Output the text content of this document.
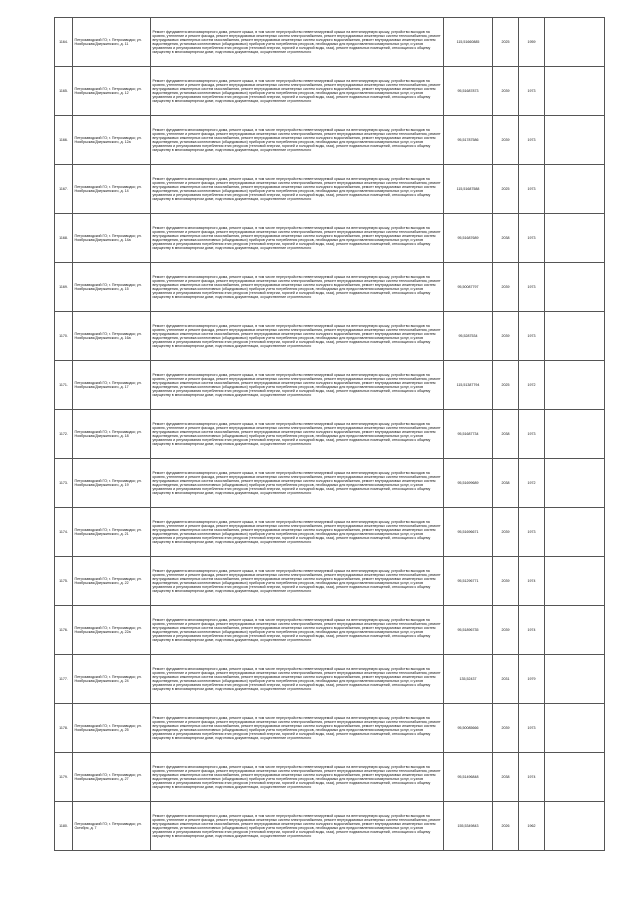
1164.	Петрозаводский ГО; г. Петрозаводск; ул. Ноябрьская/Дзержинского, д. 11	Ремонт фундамента многоквартирного дома, ремонт крыши, в том числе переустройство невентилируемой крыши на вентилируемую крышу, устройство выходов на кровлю, утепление и ремонт фасада, ремонт внутридомовых инженерных систем электроснабжения, ремонт внутридомовых инженерных систем теплоснабжения, ремонт внутридомовых инженерных систем газоснабжения, ремонт внутридомовых инженерных систем холодного водоснабжения, ремонт внутридомовых инженерных систем водоотведения, установка коллективных (общедомовых) приборов учета потребления ресурсов, необходимых для предоставления коммунальных услуг, и узлов управления и регулирования потребления этих ресурсов (тепловой энергии, горячей и холодной воды, газа), ремонт подвальных помещений, относящихся к общему имуществу в многоквартирном доме, подготовка документации, осуществление строительного	115,51660885	2025	1959	
1165.	Петрозаводский ГО; г. Петрозаводск; ул. Ноябрьская/Дзержинского, д. 12	Ремонт фундамента многоквартирного дома, ремонт крыши, в том числе переустройство невентилируемой крыши на вентилируемую крышу, устройство выходов на кровлю, утепление и ремонт фасада, ремонт внутридомовых инженерных систем электроснабжения, ремонт внутридомовых инженерных систем теплоснабжения, ремонт внутридомовых инженерных систем газоснабжения, ремонт внутридомовых инженерных систем холодного водоснабжения, ремонт внутридомовых инженерных систем водоотведения, установка коллективных (общедомовых) приборов учета потребления ресурсов, необходимых для предоставления коммунальных услуг, и узлов управления и регулирования потребления этих ресурсов (тепловой энергии, горячей и холодной воды, газа), ремонт подвальных помещений, относящихся к общему имуществу в многоквартирном доме, подготовка документации, осуществление строительного	95,51687873	2039	1973	
1166.	Петрозаводский ГО; г. Петрозаводск; ул. Ноябрьская/Дзержинского, д. 12а	Ремонт фундамента многоквартирного дома, ремонт крыши, в том числе переустройство невентилируемой крыши на вентилируемую крышу, устройство выходов на кровлю, утепление и ремонт фасада, ремонт внутридомовых инженерных систем электроснабжения, ремонт внутридомовых инженерных систем теплоснабжения, ремонт внутридомовых инженерных систем газоснабжения, ремонт внутридомовых инженерных систем холодного водоснабжения, ремонт внутридомовых инженерных систем водоотведения, установка коллективных (общедомовых) приборов учета потребления ресурсов, необходимых для предоставления коммунальных услуг, и узлов управления и регулирования потребления этих ресурсов (тепловой энергии, горячей и холодной воды, газа), ремонт подвальных помещений, относящихся к общему имуществу в многоквартирном доме, подготовка документации, осуществление строительного	95,51787586	2039	1973	
1167.	Петрозаводский ГО; г. Петрозаводск; ул. Ноябрьская/Дзержинского, д. 14	Ремонт фундамента многоквартирного дома, ремонт крыши, в том числе переустройство невентилируемой крыши на вентилируемую крышу, устройство выходов на кровлю, утепление и ремонт фасада, ремонт внутридомовых инженерных систем электроснабжения, ремонт внутридомовых инженерных систем теплоснабжения, ремонт внутридомовых инженерных систем газоснабжения, ремонт внутридомовых инженерных систем холодного водоснабжения, ремонт внутридомовых инженерных систем водоотведения, установка коллективных (общедомовых) приборов учета потребления ресурсов, необходимых для предоставления коммунальных услуг, и узлов управления и регулирования потребления этих ресурсов (тепловой энергии, горячей и холодной воды, газа), ремонт подвальных помещений, относящихся к общему имуществу в многоквартирном доме, подготовка документации, осуществление строительного	115,51687588	2025	1973	
1168.	Петрозаводский ГО; г. Петрозаводск; ул. Ноябрьская/Дзержинского, д. 14а	Ремонт фундамента многоквартирного дома, ремонт крыши, в том числе переустройство невентилируемой крыши на вентилируемую крышу, устройство выходов на кровлю, утепление и ремонт фасада, ремонт внутридомовых инженерных систем электроснабжения, ремонт внутридомовых инженерных систем теплоснабжения, ремонт внутридомовых инженерных систем газоснабжения, ремонт внутридомовых инженерных систем холодного водоснабжения, ремонт внутридомовых инженерных систем водоотведения, установка коллективных (общедомовых) приборов учета потребления ресурсов, необходимых для предоставления коммунальных услуг, и узлов управления и регулирования потребления этих ресурсов (тепловой энергии, горячей и холодной воды, газа), ремонт подвальных помещений, относящихся к общему имуществу в многоквартирном доме, подготовка документации, осуществление строительного	95,51687689	2038	1973	
1169.	Петрозаводский ГО; г. Петрозаводск; ул. Ноябрьская/Дзержинского, д. 15	Ремонт фундамента многоквартирного дома, ремонт крыши, в том числе переустройство невентилируемой крыши на вентилируемую крышу, устройство выходов на кровлю, утепление и ремонт фасада, ремонт внутридомовых инженерных систем электроснабжения, ремонт внутридомовых инженерных систем теплоснабжения, ремонт внутридомовых инженерных систем газоснабжения, ремонт внутридомовых инженерных систем холодного водоснабжения, ремонт внутридомовых инженерных систем водоотведения, установка коллективных (общедомовых) приборов учета потребления ресурсов, необходимых для предоставления коммунальных услуг, и узлов управления и регулирования потребления этих ресурсов (тепловой энергии, горячей и холодной воды, газа), ремонт подвальных помещений, относящихся к общему имуществу в многоквартирном доме, подготовка документации, осуществление строительного	95,50087797	2039	1973	
1170.	Петрозаводский ГО; г. Петрозаводск; ул. Ноябрьская/Дзержинского, д. 16а	Ремонт фундамента многоквартирного дома, ремонт крыши, в том числе переустройство невентилируемой крыши на вентилируемую крышу, устройство выходов на кровлю, утепление и ремонт фасада, ремонт внутридомовых инженерных систем электроснабжения, ремонт внутридомовых инженерных систем теплоснабжения, ремонт внутридомовых инженерных систем газоснабжения, ремонт внутридомовых инженерных систем холодного водоснабжения, ремонт внутридомовых инженерных систем водоотведения, установка коллективных (общедомовых) приборов учета потребления ресурсов, необходимых для предоставления коммунальных услуг, и узлов управления и регулирования потребления этих ресурсов (тепловой энергии, горячей и холодной воды, газа), ремонт подвальных помещений, относящихся к общему имуществу в многоквартирном доме, подготовка документации, осуществление строительного	95,5287534	2039	1973	
1171.	Петрозаводский ГО; г. Петрозаводск; ул. Ноябрьская/Дзержинского, д. 17	Ремонт фундамента многоквартирного дома, ремонт крыши, в том числе переустройство невентилируемой крыши на вентилируемую крышу, устройство выходов на кровлю, утепление и ремонт фасада, ремонт внутридомовых инженерных систем электроснабжения, ремонт внутридомовых инженерных систем теплоснабжения, ремонт внутридомовых инженерных систем газоснабжения, ремонт внутридомовых инженерных систем холодного водоснабжения, ремонт внутридомовых инженерных систем водоотведения, установка коллективных (общедомовых) приборов учета потребления ресурсов, необходимых для предоставления коммунальных услуг, и узлов управления и регулирования потребления этих ресурсов (тепловой энергии, горячей и холодной воды, газа), ремонт подвальных помещений, относящихся к общему имуществу в многоквартирном доме, подготовка документации, осуществление строительного	115,51387794	2025	1972	
1172.	Петрозаводский ГО; г. Петрозаводск; ул. Ноябрьская/Дзержинского, д. 18	Ремонт фундамента многоквартирного дома, ремонт крыши, в том числе переустройство невентилируемой крыши на вентилируемую крышу, устройство выходов на кровлю, утепление и ремонт фасада, ремонт внутридомовых инженерных систем электроснабжения, ремонт внутридомовых инженерных систем теплоснабжения, ремонт внутридомовых инженерных систем газоснабжения, ремонт внутридомовых инженерных систем холодного водоснабжения, ремонт внутридомовых инженерных систем водоотведения, установка коллективных (общедомовых) приборов учета потребления ресурсов, необходимых для предоставления коммунальных услуг, и узлов управления и регулирования потребления этих ресурсов (тепловой энергии, горячей и холодной воды, газа), ремонт подвальных помещений, относящихся к общему имуществу в многоквартирном доме, подготовка документации, осуществление строительного	95,51687734	2038	1973	
1173.	Петрозаводский ГО; г. Петрозаводск; ул. Ноябрьская/Дзержинского, д. 19	Ремонт фундамента многоквартирного дома, ремонт крыши, в том числе переустройство невентилируемой крыши на вентилируемую крышу, устройство выходов на кровлю, утепление и ремонт фасада, ремонт внутридомовых инженерных систем электроснабжения, ремонт внутридомовых инженерных систем теплоснабжения, ремонт внутридомовых инженерных систем газоснабжения, ремонт внутридомовых инженерных систем холодного водоснабжения, ремонт внутридомовых инженерных систем водоотведения, установка коллективных (общедомовых) приборов учета потребления ресурсов, необходимых для предоставления коммунальных услуг, и узлов управления и регулирования потребления этих ресурсов (тепловой энергии, горячей и холодной воды, газа), ремонт подвальных помещений, относящихся к общему имуществу в многоквартирном доме, подготовка документации, осуществление строительного	95,51699689	2038	1972	
1174.	Петрозаводский ГО; г. Петрозаводск; ул. Ноябрьская/Дзержинского, д. 21	Ремонт фундамента многоквартирного дома, ремонт крыши, в том числе переустройство невентилируемой крыши на вентилируемую крышу, устройство выходов на кровлю, утепление и ремонт фасада, ремонт внутридомовых инженерных систем электроснабжения, ремонт внутридомовых инженерных систем теплоснабжения, ремонт внутридомовых инженерных систем газоснабжения, ремонт внутридомовых инженерных систем холодного водоснабжения, ремонт внутридомовых инженерных систем водоотведения, установка коллективных (общедомовых) приборов учета потребления ресурсов, необходимых для предоставления коммунальных услуг, и узлов управления и регулирования потребления этих ресурсов (тепловой энергии, горячей и холодной воды, газа), ремонт подвальных помещений, относящихся к общему имуществу в многоквартирном доме, подготовка документации, осуществление строительного	95,51696671	2039	1973	
1175.	Петрозаводский ГО; г. Петрозаводск; ул. Ноябрьская/Дзержинского, д. 22	Ремонт фундамента многоквартирного дома, ремонт крыши, в том числе переустройство невентилируемой крыши на вентилируемую крышу, устройство выходов на кровлю, утепление и ремонт фасада, ремонт внутридомовых инженерных систем электроснабжения, ремонт внутридомовых инженерных систем теплоснабжения, ремонт внутридомовых инженерных систем газоснабжения, ремонт внутридомовых инженерных систем холодного водоснабжения, ремонт внутридомовых инженерных систем водоотведения, установка коллективных (общедомовых) приборов учета потребления ресурсов, необходимых для предоставления коммунальных услуг, и узлов управления и регулирования потребления этих ресурсов (тепловой энергии, горячей и холодной воды, газа), ремонт подвальных помещений, относящихся к общему имуществу в многоквартирном доме, подготовка документации, осуществление строительного	95,51296771	2039	1974	
1176.	Петрозаводский ГО; г. Петрозаводск; ул. Ноябрьская/Дзержинского, д. 22а	Ремонт фундамента многоквартирного дома, ремонт крыши, в том числе переустройство невентилируемой крыши на вентилируемую крышу, устройство выходов на кровлю, утепление и ремонт фасада, ремонт внутридомовых инженерных систем электроснабжения, ремонт внутридомовых инженерных систем теплоснабжения, ремонт внутридомовых инженерных систем газоснабжения, ремонт внутридомовых инженерных систем холодного водоснабжения, ремонт внутридомовых инженерных систем водоотведения, установка коллективных (общедомовых) приборов учета потребления ресурсов, необходимых для предоставления коммунальных услуг, и узлов управления и регулирования потребления этих ресурсов (тепловой энергии, горячей и холодной воды, газа), ремонт подвальных помещений, относящихся к общему имуществу в многоквартирном доме, подготовка документации, осуществление строительного	95,51896735	2039	1974	
1177.	Петрозаводский ГО; г. Петрозаводск; ул. Ноябрьская/Дзержинского, д. 24	Ремонт фундамента многоквартирного дома, ремонт крыши, в том числе переустройство невентилируемой крыши на вентилируемую крышу, устройство выходов на кровлю, утепление и ремонт фасада, ремонт внутридомовых инженерных систем электроснабжения, ремонт внутридомовых инженерных систем теплоснабжения, ремонт внутридомовых инженерных систем газоснабжения, ремонт внутридомовых инженерных систем холодного водоснабжения, ремонт внутридомовых инженерных систем водоотведения, установка коллективных (общедомовых) приборов учета потребления ресурсов, необходимых для предоставления коммунальных услуг, и узлов управления и регулирования потребления этих ресурсов (тепловой энергии, горячей и холодной воды, газа), ремонт подвальных помещений, относящихся к общему имуществу в многоквартирном доме, подготовка документации, осуществление строительного	135,52437	2031	1979	
1178.	Петрозаводский ГО; г. Петрозаводск; ул. Ноябрьская/Дзержинского, д. 25	Ремонт фундамента многоквартирного дома, ремонт крыши, в том числе переустройство невентилируемой крыши на вентилируемую крышу, устройство выходов на кровлю, утепление и ремонт фасада, ремонт внутридомовых инженерных систем электроснабжения, ремонт внутридомовых инженерных систем теплоснабжения, ремонт внутридомовых инженерных систем газоснабжения, ремонт внутридомовых инженерных систем холодного водоснабжения, ремонт внутридомовых инженерных систем водоотведения, установка коллективных (общедомовых) приборов учета потребления ресурсов, необходимых для предоставления коммунальных услуг, и узлов управления и регулирования потребления этих ресурсов (тепловой энергии, горячей и холодной воды, газа), ремонт подвальных помещений, относящихся к общему имуществу в многоквартирном доме, подготовка документации, осуществление строительного	95,50085666	2039	1973	
1179.	Петрозаводский ГО; г. Петрозаводск; ул. Ноябрьская/Дзержинского, д. 27	Ремонт фундамента многоквартирного дома, ремонт крыши, в том числе переустройство невентилируемой крыши на вентилируемую крышу, устройство выходов на кровлю, утепление и ремонт фасада, ремонт внутридомовых инженерных систем электроснабжения, ремонт внутридомовых инженерных систем теплоснабжения, ремонт внутридомовых инженерных систем газоснабжения, ремонт внутридомовых инженерных систем холодного водоснабжения, ремонт внутридомовых инженерных систем водоотведения, установка коллективных (общедомовых) приборов учета потребления ресурсов, необходимых для предоставления коммунальных услуг, и узлов управления и регулирования потребления этих ресурсов (тепловой энергии, горячей и холодной воды, газа), ремонт подвальных помещений, относящихся к общему имуществу в многоквартирном доме, подготовка документации, осуществление строительного	95,51496848	2038	1974	
1180.	Петрозаводский ГО; г. Петрозаводск; ул. Октября, д. 7	Ремонт фундамента многоквартирного дома, ремонт крыши, в том числе переустройство невентилируемой крыши на вентилируемую крышу, устройство выходов на кровлю, утепление и ремонт фасада, ремонт внутридомовых инженерных систем электроснабжения, ремонт внутридомовых инженерных систем теплоснабжения, ремонт внутридомовых инженерных систем газоснабжения, ремонт внутридомовых инженерных систем холодного водоснабжения, ремонт внутридомовых инженерных систем водоотведения, установка коллективных (общедомовых) приборов учета потребления ресурсов, необходимых для предоставления коммунальных услуг, и узлов управления и регулирования потребления этих ресурсов (тепловой энергии, горячей и холодной воды, газа), ремонт подвальных помещений, относящихся к общему имуществу в многоквартирном доме, подготовка документации, осуществление строительного	155,5349843	2026	1962	
